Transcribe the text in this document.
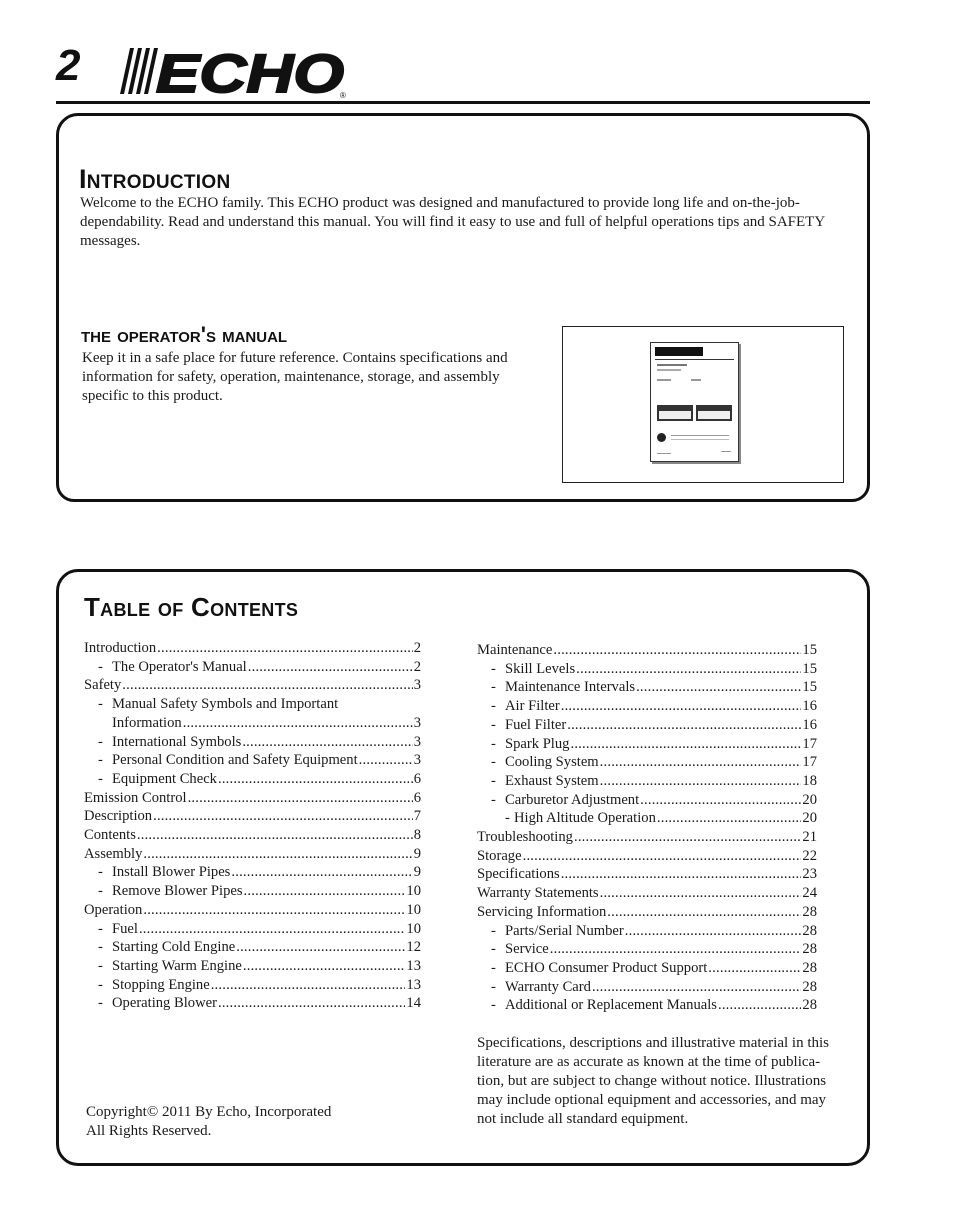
2 ECHO
®
Introduction

Welcome to the ECHO family. This ECHO product was designed and manufactured to provide long life and on-the-job-dependability. Read and understand this manual. You will find it easy to use and full of helpful operations tips and SAFETY messages.

the operator's manual

Keep it in a safe place for future reference. Contains specifications and information for safety, operation, maintenance, storage, and assembly specific to this product.

Table of Contents
Introduction .....	2
- The Operator's Manual .....	2
Safety .....	3
- Manual Safety Symbols and Important
Information .....	3
- International Symbols .....	3
- Personal Condition and Safety Equipment .....	3
- Equipment Check .....	6
Emission Control .....	6
Description .....	7
Contents .....	8
Assembly .....	9
- Install Blower Pipes .....	9
- Remove Blower Pipes .....	10
Operation .....	10
- Fuel .....	10
- Starting Cold Engine .....	12
- Starting Warm Engine .....	13
- Stopping Engine .....	13
- Operating Blower .....	14
Maintenance .....	15
- Skill Levels .....	15
- Maintenance Intervals .....	15
- Air Filter .....	16
- Fuel Filter .....	16
- Spark Plug .....	17
- Cooling System .....	17
- Exhaust System .....	18
- Carburetor Adjustment .....	20
- High Altitude Operation .....	20
Troubleshooting .....	21
Storage .....	22
Specifications .....	23
Warranty Statements .....	24
Servicing Information .....	28
- Parts/Serial Number .....	28
- Service .....	28
- ECHO Consumer Product Support .....	28
- Warranty Card .....	28
- Additional or Replacement Manuals .....	28

Specifications, descriptions and illustrative material in this literature are as accurate as known at the time of publica-tion, but are subject to change without notice. Illustrations may include optional equipment and accessories, and may not include all standard equipment.

Copyright© 2011 By Echo, Incorporated
All Rights Reserved.
